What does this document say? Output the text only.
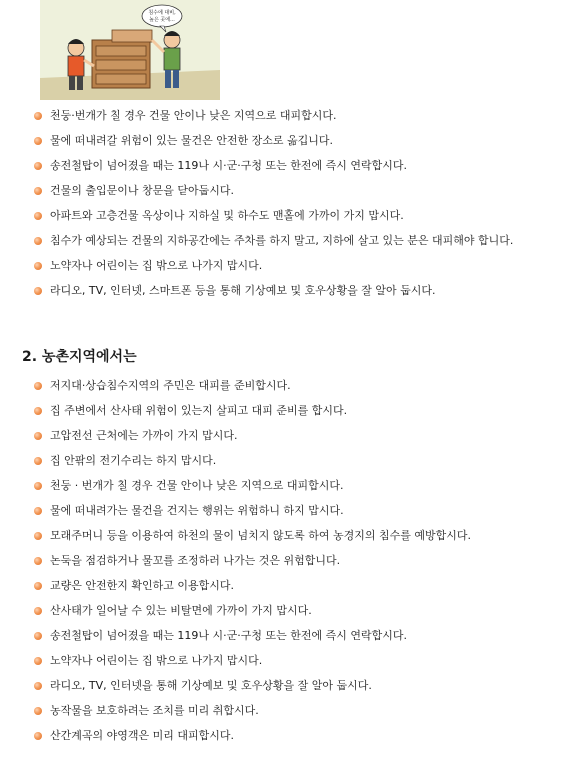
침수에 대비,
높은 곳에...
천둥·번개가 칠 경우 건물 안이나 낮은 지역으로 대피합시다.
물에 떠내려갈 위험이 있는 물건은 안전한 장소로 옮깁니다.
송전철탑이 넘어졌을 때는 119나 시·군·구청 또는 한전에 즉시 연락합시다.
건물의 출입문이나 창문을 닫아둡시다.
아파트와 고층건물 옥상이나 지하실 및 하수도 맨홀에 가까이 가지 맙시다.
침수가 예상되는 건물의 지하공간에는 주차를 하지 말고, 지하에 살고 있는 분은 대피해야 합니다.
노약자나 어린이는 집 밖으로 나가지 맙시다.
라디오, TV, 인터넷, 스마트폰 등을 통해 기상예보 및 호우상황을 잘 알아 둡시다.
2. 농촌지역에서는
저지대·상습침수지역의 주민은 대피를 준비합시다.
집 주변에서 산사태 위험이 있는지 살피고 대피 준비를 합시다.
고압전선 근처에는 가까이 가지 맙시다.
집 안팎의 전기수리는 하지 맙시다.
천둥 · 번개가 칠 경우 건물 안이나 낮은 지역으로 대피합시다.
물에 떠내려가는 물건을 건지는 행위는 위험하니 하지 맙시다.
모래주머니 등을 이용하여 하천의 물이 넘치지 않도록 하여 농경지의 침수를 예방합시다.
논둑을 점검하거나 물꼬를 조정하러 나가는 것은 위험합니다.
교량은 안전한지 확인하고 이용합시다.
산사태가 일어날 수 있는 비탈면에 가까이 가지 맙시다.
송전철탑이 넘어졌을 때는 119나 시·군·구청 또는 한전에 즉시 연락합시다.
노약자나 어린이는 집 밖으로 나가지 맙시다.
라디오, TV, 인터넷을 통해 기상예보 및 호우상황을 잘 알아 둡시다.
농작물을 보호하려는 조치를 미리 취합시다.
산간계곡의 야영객은 미리 대피합시다.
